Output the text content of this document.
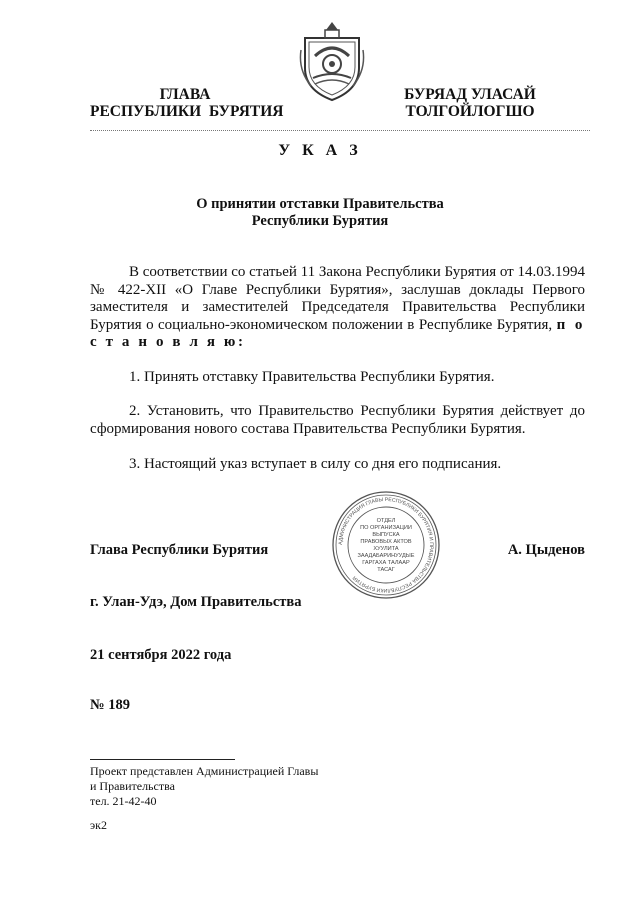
ГЛАВА
РЕСПУБЛИКИ  БУРЯТИЯ
БУРЯАД УЛАСАЙ
ТОЛГОЙЛОГШО
У К А З
О принятии отставки Правительства
Республики Бурятия
В соответствии со статьей 11 Закона Республики Бурятия от 14.03.1994 № 422-XII «О Главе Республики Бурятия», заслушав доклады Первого заместителя и заместителей Председателя Правительства Республики Бурятия о социально-экономическом положении в Республике Бурятия, п о с т а н о в л я ю:
1. Принять отставку Правительства Республики Бурятия.
2. Установить, что Правительство Республики Бурятия действует до сформирования нового состава Правительства Республики Бурятия.
3. Настоящий указ вступает в силу со дня его подписания.
АДМИНИСТРАЦИЯ ГЛАВЫ РЕСПУБЛИКИ БУРЯТИЯ И ПРАВИТЕЛЬСТВА РЕСПУБЛИКИ БУРЯТИЯ
ОТДЕЛ
ПО ОРГАНИЗАЦИИ
ВЫПУСКА
ПРАВОВЫХ АКТОВ
ХУУЛИТА
ЗААДАБАРИНУУДЫЕ
ГАРГАХА ТАЛААР
ТАСАГ
Глава Республики Бурятия	А. Цыденов
г. Улан-Удэ, Дом Правительства
21 сентября 2022 года
№ 189
Проект представлен Администрацией Главы
и Правительства
тел. 21-42-40
эк2
